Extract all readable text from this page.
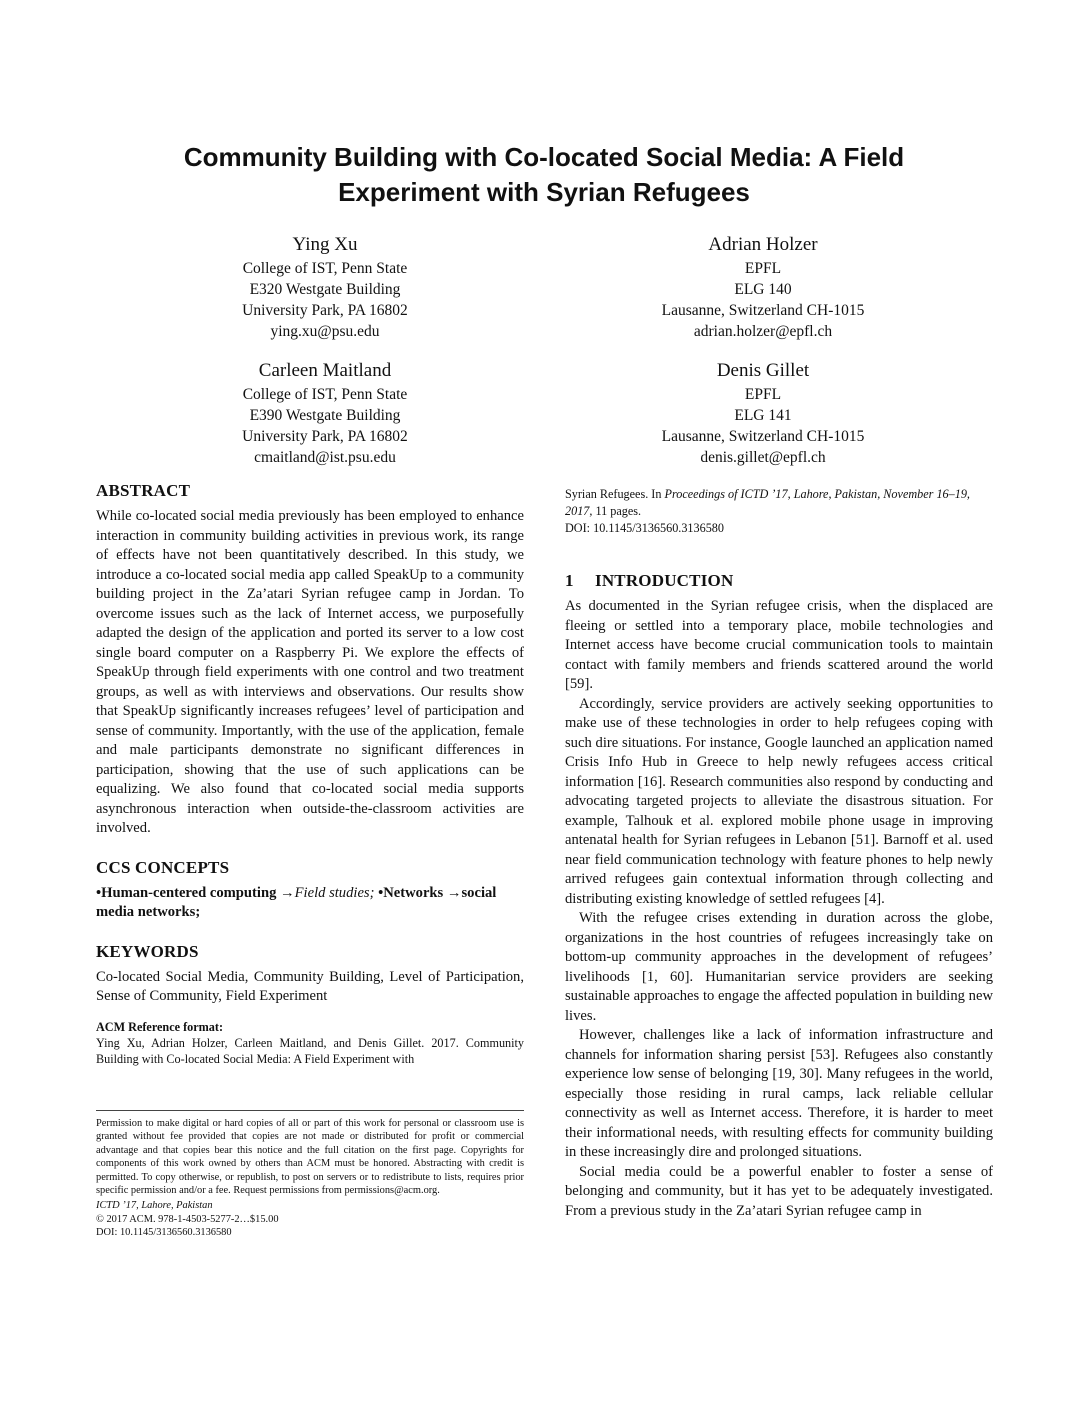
Community Building with Co-located Social Media: A Field
Experiment with Syrian Refugees
Ying Xu
College of IST, Penn State
E320 Westgate Building
University Park, PA 16802
ying.xu@psu.edu
Adrian Holzer
EPFL
ELG 140
Lausanne, Switzerland CH-1015
adrian.holzer@epfl.ch
Carleen Maitland
College of IST, Penn State
E390 Westgate Building
University Park, PA 16802
cmaitland@ist.psu.edu
Denis Gillet
EPFL
ELG 141
Lausanne, Switzerland CH-1015
denis.gillet@epfl.ch
ABSTRACT

While co-located social media previously has been employed to enhance interaction in community building activities in previous work, its range of effects have not been quantitatively described. In this study, we introduce a co-located social media app called SpeakUp to a community building project in the Za’atari Syrian refugee camp in Jordan. To overcome issues such as the lack of Internet access, we purposefully adapted the design of the application and ported its server to a low cost single board computer on a Raspberry Pi. We explore the effects of SpeakUp through field experiments with one control and two treatment groups, as well as with interviews and observations. Our results show that SpeakUp significantly increases refugees’ level of participation and sense of community. Importantly, with the use of the application, female and male participants demonstrate no significant differences in participation, showing that the use of such applications can be equalizing. We also found that co-located social media supports asynchronous interaction when outside-the-classroom activities are involved.

CCS CONCEPTS

•Human-centered computing →Field studies; •Networks →social media networks;

KEYWORDS

Co-located Social Media, Community Building, Level of Participation, Sense of Community, Field Experiment

ACM Reference format:
Ying Xu, Adrian Holzer, Carleen Maitland, and Denis Gillet. 2017. Community Building with Co-located Social Media: A Field Experiment with
Permission to make digital or hard copies of all or part of this work for personal or classroom use is granted without fee provided that copies are not made or distributed for profit or commercial advantage and that copies bear this notice and the full citation on the first page. Copyrights for components of this work owned by others than ACM must be honored. Abstracting with credit is permitted. To copy otherwise, or republish, to post on servers or to redistribute to lists, requires prior specific permission and/or a fee. Request permissions from permissions@acm.org.
ICTD ’17, Lahore, Pakistan
© 2017 ACM. 978-1-4503-5277-2…$15.00
DOI: 10.1145/3136560.3136580
Syrian Refugees. In Proceedings of ICTD ’17, Lahore, Pakistan, November 16–19, 2017, 11 pages.
DOI: 10.1145/3136560.3136580
1 INTRODUCTION

As documented in the Syrian refugee crisis, when the displaced are fleeing or settled into a temporary place, mobile technologies and Internet access have become crucial communication tools to maintain contact with family members and friends scattered around the world [59].

Accordingly, service providers are actively seeking opportunities to make use of these technologies in order to help refugees coping with such dire situations. For instance, Google launched an application named Crisis Info Hub in Greece to help newly refugees access critical information [16]. Research communities also respond by conducting and advocating targeted projects to alleviate the disastrous situation. For example, Talhouk et al. explored mobile phone usage in improving antenatal health for Syrian refugees in Lebanon [51]. Barnoff et al. used near field communication technology with feature phones to help newly arrived refugees gain contextual information through collecting and distributing existing knowledge of settled refugees [4].

With the refugee crises extending in duration across the globe, organizations in the host countries of refugees increasingly take on bottom-up community approaches in the development of refugees’ livelihoods [1, 60]. Humanitarian service providers are seeking sustainable approaches to engage the affected population in building new lives.

However, challenges like a lack of information infrastructure and channels for information sharing persist [53]. Refugees also constantly experience low sense of belonging [19, 30]. Many refugees in the world, especially those residing in rural camps, lack reliable cellular connectivity as well as Internet access. Therefore, it is harder to meet their informational needs, with resulting effects for community building in these increasingly dire and prolonged situations.

Social media could be a powerful enabler to foster a sense of belonging and community, but it has yet to be adequately investigated. From a previous study in the Za’atari Syrian refugee camp in
